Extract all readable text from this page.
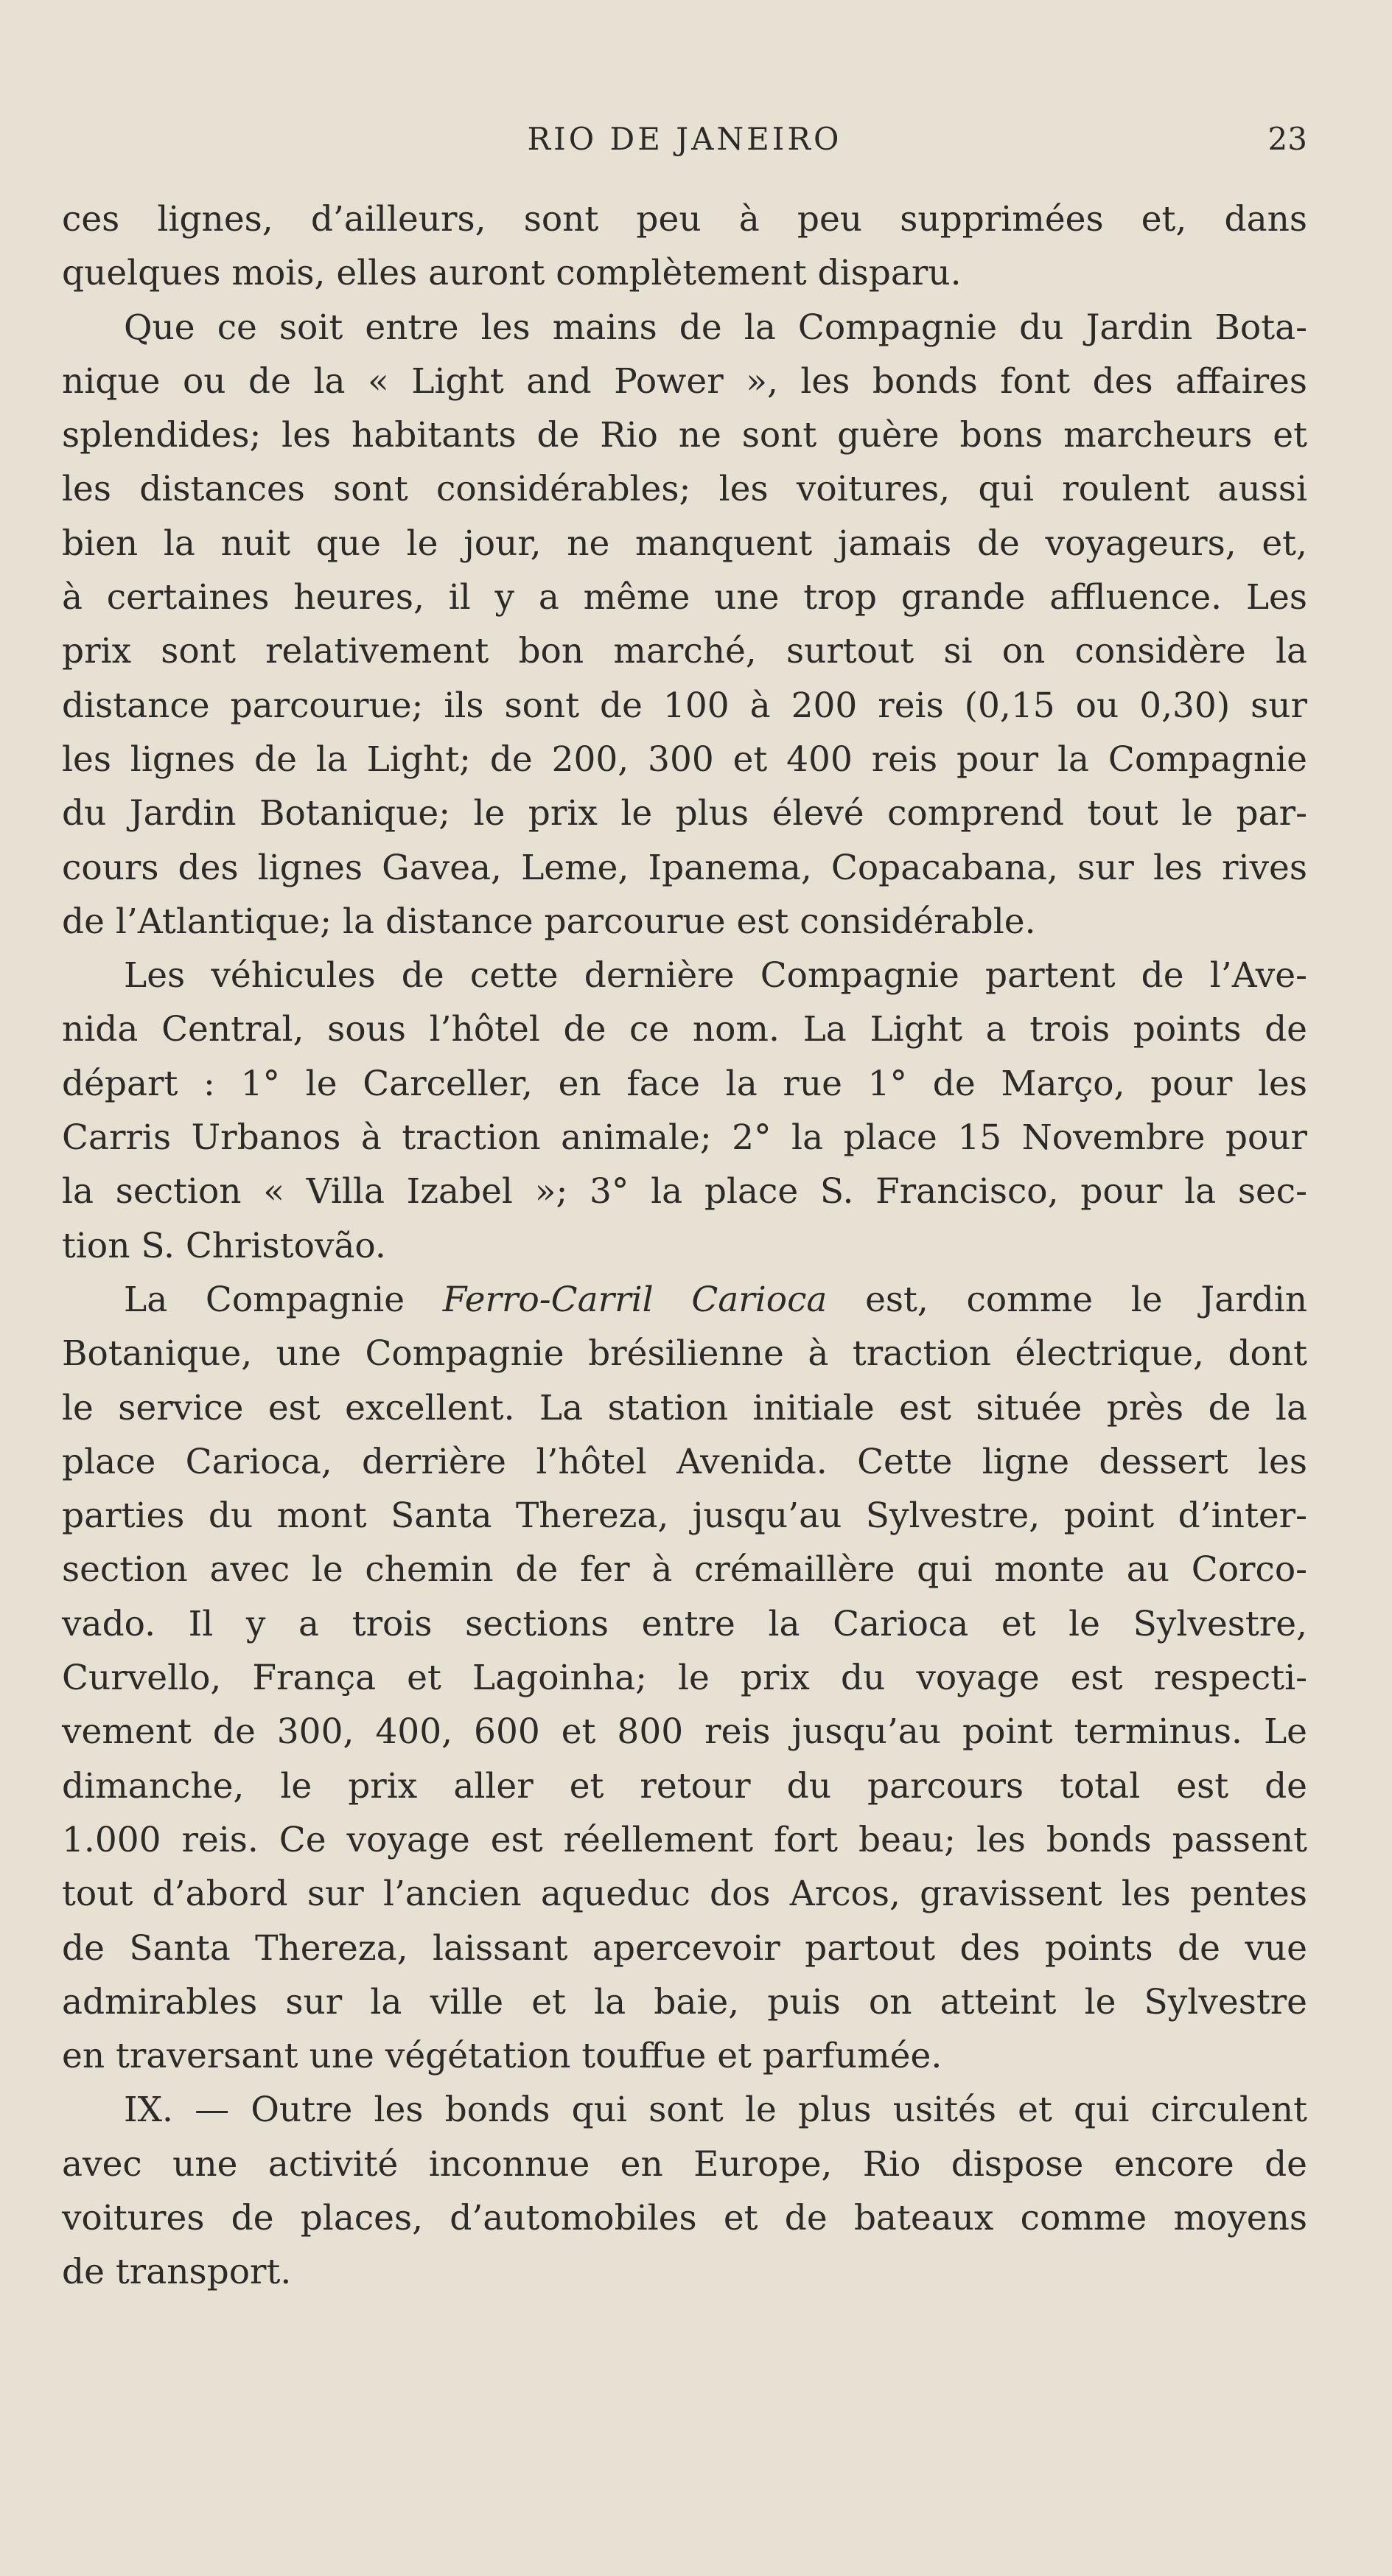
RIO DE JANEIRO	23
ces lignes, d’ailleurs, sont peu à peu supprimées et, dans
quelques mois, elles auront complètement disparu.
Que ce soit entre les mains de la Compagnie du Jardin Bota-
nique ou de la « Light and Power », les bonds font des affaires
splendides; les habitants de Rio ne sont guère bons marcheurs et
les distances sont considérables; les voitures, qui roulent aussi
bien la nuit que le jour, ne manquent jamais de voyageurs, et,
à certaines heures, il y a même une trop grande affluence. Les
prix sont relativement bon marché, surtout si on considère la
distance parcourue; ils sont de 100 à 200 reis (0,15 ou 0,30) sur
les lignes de la Light; de 200, 300 et 400 reis pour la Compagnie
du Jardin Botanique; le prix le plus élevé comprend tout le par-
cours des lignes Gavea, Leme, Ipanema, Copacabana, sur les rives
de l’Atlantique; la distance parcourue est considérable.
Les véhicules de cette dernière Compagnie partent de l’Ave-
nida Central, sous l’hôtel de ce nom. La Light a trois points de
départ : 1° le Carceller, en face la rue 1° de Março, pour les
Carris Urbanos à traction animale; 2° la place 15 Novembre pour
la section « Villa Izabel »; 3° la place S. Francisco, pour la sec-
tion S. Christovão.
La Compagnie Ferro-Carril Carioca est, comme le Jardin
Botanique, une Compagnie brésilienne à traction électrique, dont
le service est excellent. La station initiale est située près de la
place Carioca, derrière l’hôtel Avenida. Cette ligne dessert les
parties du mont Santa Thereza, jusqu’au Sylvestre, point d’inter-
section avec le chemin de fer à crémaillère qui monte au Corco-
vado. Il y a trois sections entre la Carioca et le Sylvestre,
Curvello, França et Lagoinha; le prix du voyage est respecti-
vement de 300, 400, 600 et 800 reis jusqu’au point terminus. Le
dimanche, le prix aller et retour du parcours total est de
1.000 reis. Ce voyage est réellement fort beau; les bonds passent
tout d’abord sur l’ancien aqueduc dos Arcos, gravissent les pentes
de Santa Thereza, laissant apercevoir partout des points de vue
admirables sur la ville et la baie, puis on atteint le Sylvestre
en traversant une végétation touffue et parfumée.
IX. — Outre les bonds qui sont le plus usités et qui circulent
avec une activité inconnue en Europe, Rio dispose encore de
voitures de places, d’automobiles et de bateaux comme moyens
de transport.
